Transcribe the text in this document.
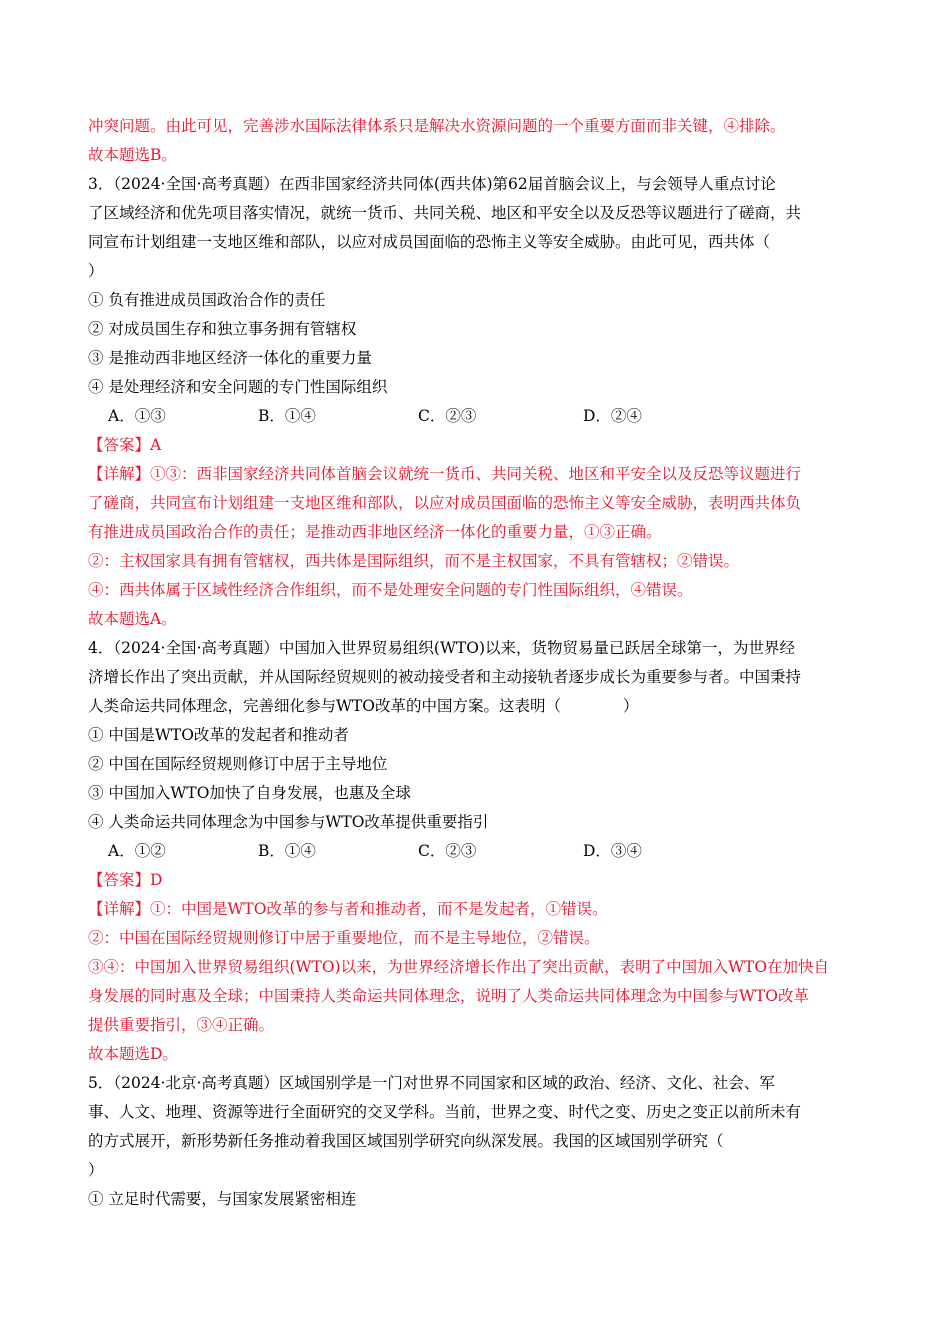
冲突问题。由此可见，完善涉水国际法律体系只是解决水资源问题的一个重要方面而非关键，④排除。
故本题选B。
3．（2024·全国·高考真题）在西非国家经济共同体(西共体)第62届首脑会议上，与会领导人重点讨论
了区域经济和优先项目落实情况，就统一货币、共同关税、地区和平安全以及反恐等议题进行了磋商，共
同宣布计划组建一支地区维和部队，以应对成员国面临的恐怖主义等安全威胁。由此可见，西共体（
）
① 负有推进成员国政治合作的责任
② 对成员国生存和独立事务拥有管辖权
③ 是推动西非地区经济一体化的重要力量
④ 是处理经济和安全问题的专门性国际组织
A．①③	B．①④	C．②③	D．②④
【答案】A
【详解】①③：西非国家经济共同体首脑会议就统一货币、共同关税、地区和平安全以及反恐等议题进行
了磋商，共同宣布计划组建一支地区维和部队，以应对成员国面临的恐怖主义等安全威胁，表明西共体负
有推进成员国政治合作的责任；是推动西非地区经济一体化的重要力量，①③正确。
②：主权国家具有拥有管辖权，西共体是国际组织，而不是主权国家，不具有管辖权；②错误。
④：西共体属于区域性经济合作组织，而不是处理安全问题的专门性国际组织，④错误。
故本题选A。
4．（2024·全国·高考真题）中国加入世界贸易组织(WTO)以来，货物贸易量已跃居全球第一，为世界经
济增长作出了突出贡献，并从国际经贸规则的被动接受者和主动接轨者逐步成长为重要参与者。中国秉持
人类命运共同体理念，完善细化参与WTO改革的中国方案。这表明（　　　　）
① 中国是WTO改革的发起者和推动者
② 中国在国际经贸规则修订中居于主导地位
③ 中国加入WTO加快了自身发展，也惠及全球
④ 人类命运共同体理念为中国参与WTO改革提供重要指引
A．①②	B．①④	C．②③	D．③④
【答案】D
【详解】①：中国是WTO改革的参与者和推动者，而不是发起者，①错误。
②：中国在国际经贸规则修订中居于重要地位，而不是主导地位，②错误。
③④：中国加入世界贸易组织(WTO)以来，为世界经济增长作出了突出贡献，表明了中国加入WTO在加快自
身发展的同时惠及全球；中国秉持人类命运共同体理念，说明了人类命运共同体理念为中国参与WTO改革
提供重要指引，③④正确。
故本题选D。
5．（2024·北京·高考真题）区域国别学是一门对世界不同国家和区域的政治、经济、文化、社会、军
事、人文、地理、资源等进行全面研究的交叉学科。当前，世界之变、时代之变、历史之变正以前所未有
的方式展开，新形势新任务推动着我国区域国别学研究向纵深发展。我国的区域国别学研究（
）
① 立足时代需要，与国家发展紧密相连
